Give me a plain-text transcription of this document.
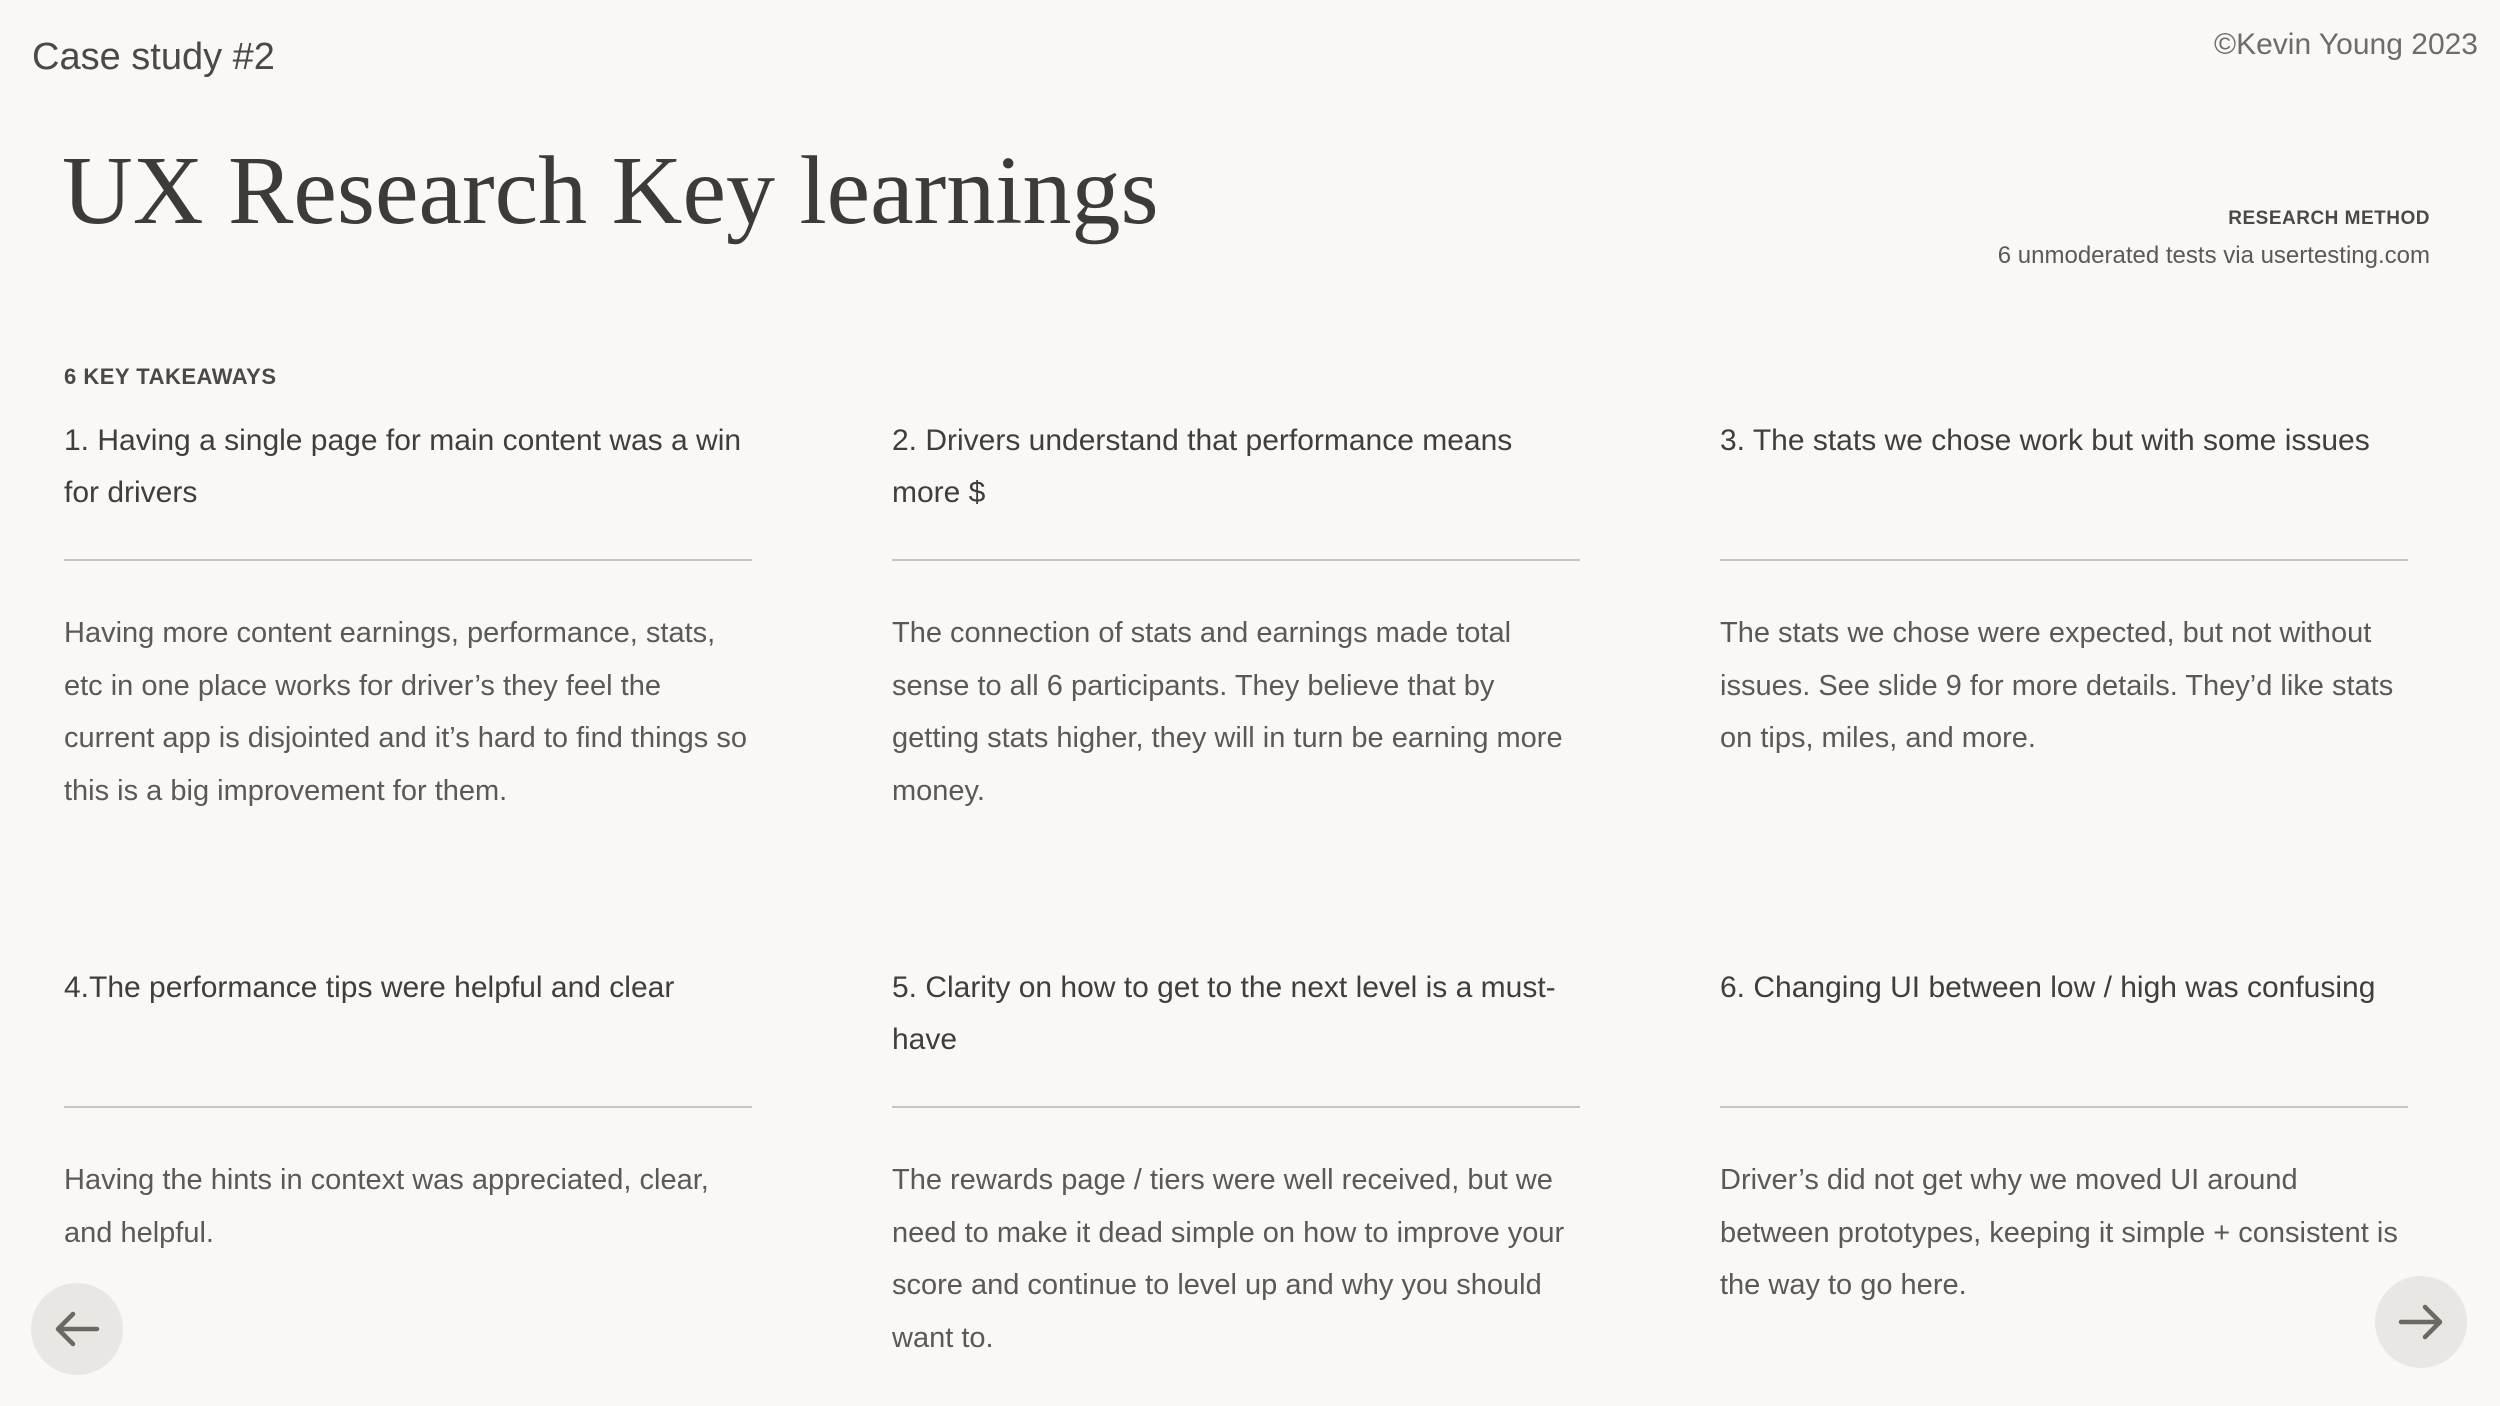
Case study #2	©Kevin Young 2023
UX Research Key learnings	RESEARCH METHOD
6 unmoderated tests via usertesting.com
6 KEY TAKEAWAYS
1. Having a single page for main content was a win for drivers

Having more content earnings, performance, stats, etc in one place works for driver’s they feel the current app is disjointed and it’s hard to find things so this is a big improvement for them.

2. Drivers understand that performance means more $

The connection of stats and earnings made total sense to all 6 participants. They believe that by getting stats higher, they will in turn be earning more money.

3. The stats we chose work but with some issues

The stats we chose were expected, but not without issues. See slide 9 for more details. They’d like stats on tips, miles, and more.

4.The performance tips were helpful and clear

Having the hints in context was appreciated, clear, and helpful.

5. Clarity on how to get to the next level is a must-have

The rewards page / tiers were well received, but we need to make it dead simple on how to improve your score and continue to level up and why you should want to.

6. Changing UI between low / high was confusing

Driver’s did not get why we moved UI around between prototypes, keeping it simple + consistent is the way to go here.
